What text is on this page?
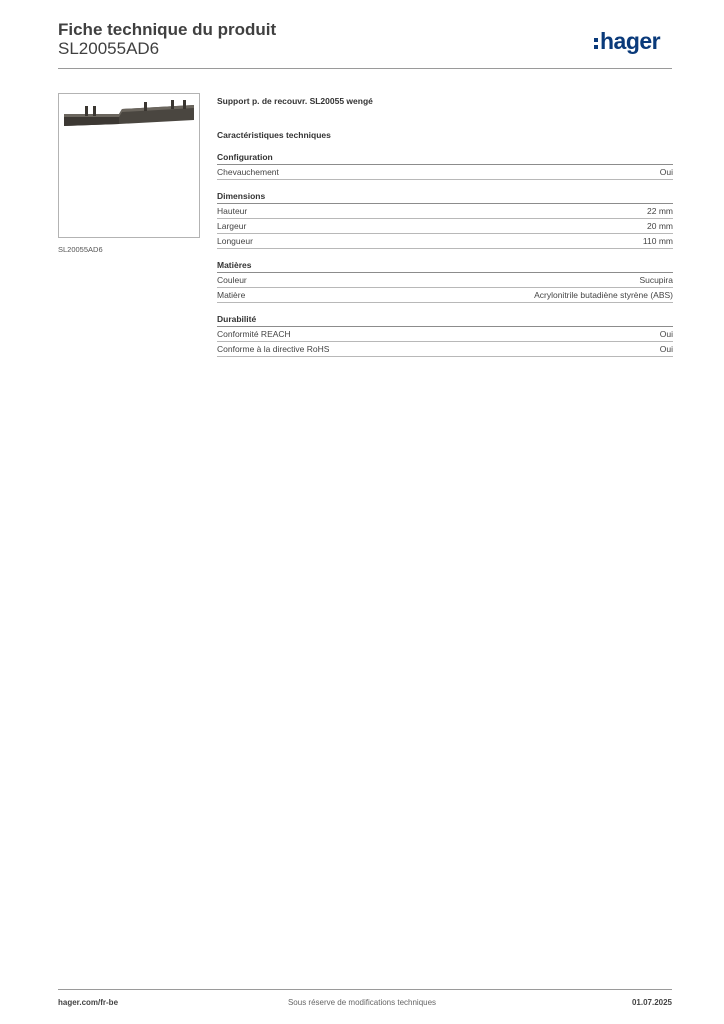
Fiche technique du produit
SL20055AD6	hager
SL20055AD6
Support p. de recouvr. SL20055 wengé
Caractéristiques techniques
Configuration
Chevauchement	Oui
Dimensions
Hauteur	22 mm
Largeur	20 mm
Longueur	110 mm
Matières
Couleur	Sucupira
Matière	Acrylonitrile butadiène styrène (ABS)
Durabilité
Conformité REACH	Oui
Conforme à la directive RoHS	Oui
hager.com/fr-be	Sous réserve de modifications techniques	01.07.2025
